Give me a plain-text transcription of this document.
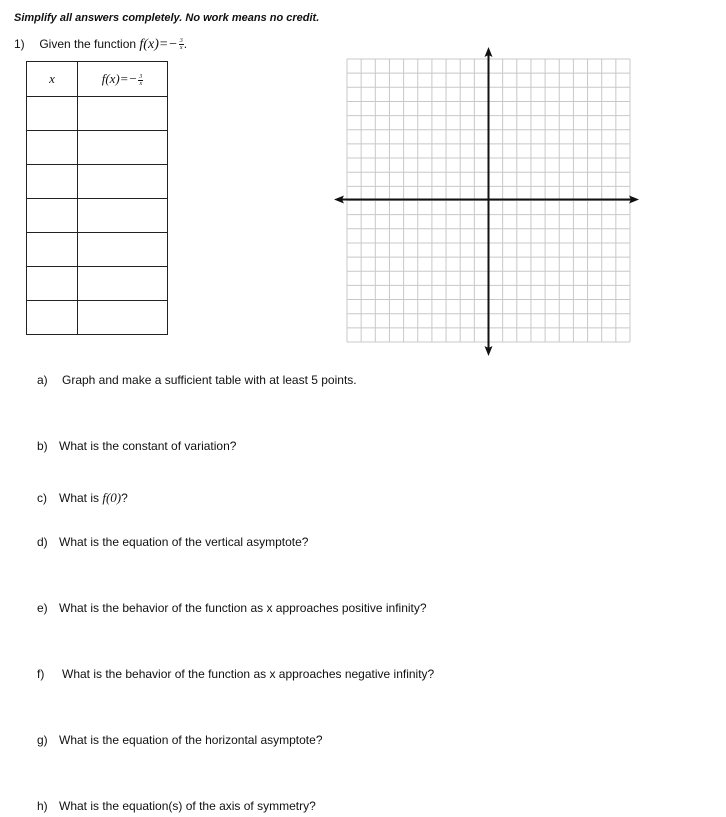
Simplify all answers completely. No work means no credit.
1) Given the function $f(x)=- \frac{3}{x}$ .
x	$f(x)=- \frac{3}{x}$

a) Graph and make a sufficient table with at least 5 points.
b) What is the constant of variation?
c) What is f(0)?
d) What is the equation of the vertical asymptote?
e) What is the behavior of the function as x approaches positive infinity?
f) What is the behavior of the function as x approaches negative infinity?
g) What is the equation of the horizontal asymptote?
h) What is the equation(s) of the axis of symmetry?
